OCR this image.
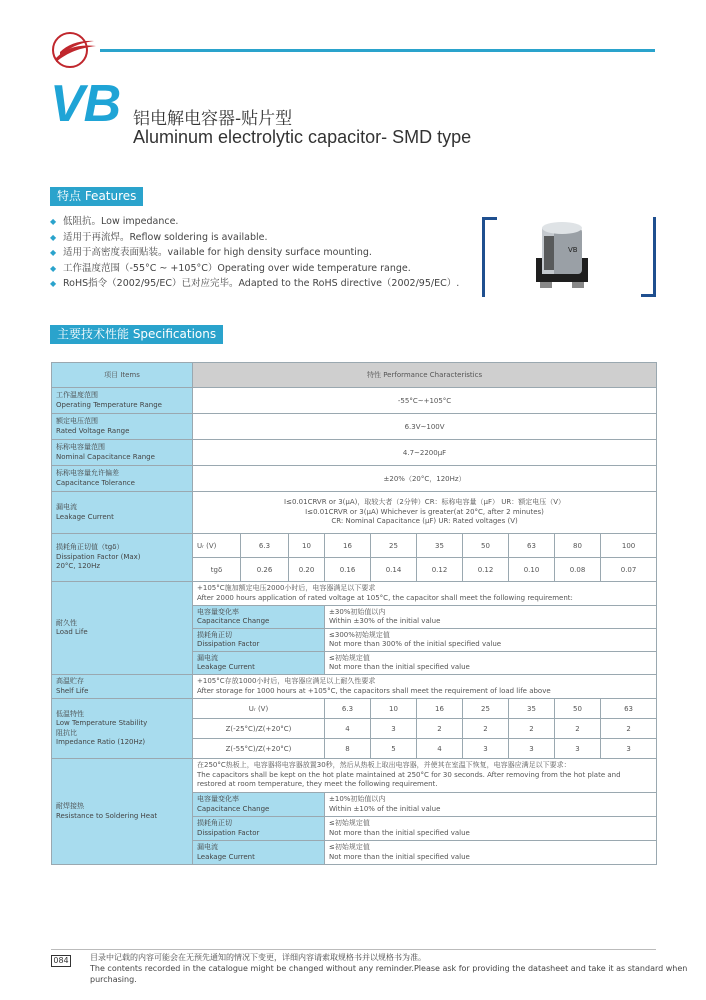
VB 铝电解电容器-贴片型
Aluminum electrolytic capacitor- SMD type
特点 Features
◆ 低阻抗。Low impedance.
◆ 适用于再流焊。Reflow soldering is available.
◆ 适用于高密度表面贴装。vailable for high density surface mounting.
◆ 工作温度范围（-55°C ~ +105°C）Operating over wide temperature range.
◆ RoHS指令（2002/95/EC）已对应完毕。Adapted to the RoHS directive（2002/95/EC）.
VB
主要技术性能 Specifications
项目 Items	特性 Performance Characteristics									

工作温度范围
Operating Temperature Range	-55°C~+105°C									

额定电压范围
Rated Voltage Range	6.3V~100V									

标称电容量范围
Nominal Capacitance Range	4.7~2200μF									

标称电容量允许偏差
Capacitance Tolerance	±20%（20°C，120Hz）									

漏电流
Leakage Current	I≤0.01CRVR or 3(μA)，取较大者（2分钟）CR：标称电容量（μF） UR：额定电压（V）
I≤0.01CRVR or 3(μA) Whichever is greater(at 20°C, after 2 minutes)
CR: Nominal Capacitance (μF) UR: Rated voltages (V)									

损耗角正切值（tgδ）
Dissipation Factor (Max)
20°C, 120Hz	Uᵣ (V)	6.3	10	16	25	35	50	63	80	100
	tgδ	0.26	0.20	0.16	0.14	0.12	0.12	0.10	0.08	0.07

耐久性
Load Life	+105°C施加额定电压2000小时后，电容器满足以下要求
After 2000 hours application of rated voltage at 105°C, the capacitor shall meet the following requirement:									

	电容量变化率
Capacitance Change			±30%初始值以内
Within ±30% of the initial value						

	损耗角正切
Dissipation Factor			≤300%初始规定值
Not more than 300% of the initial specified value						

	漏电流
Leakage Current			≤初始规定值
Not more than the initial specified value						

高温贮存
Shelf Life	+105°C存放1000小时后，电容器应满足以上耐久性要求
After storage for 1000 hours at +105°C, the capacitors shall meet the requirement of load life above									

低温特性
Low Temperature Stability
阻抗比
Impedance Ratio (120Hz)	Uᵣ (V)			6.3	10	16	25	35	50	63
	Z(-25°C)/Z(+20°C)			4	3	2	2	2	2	2
	Z(-55°C)/Z(+20°C)			8	5	4	3	3	3	3

耐焊接热
Resistance to Soldering Heat	在250°C热板上，电容器将电容器放置30秒，然后从热板上取出电容器，并使其在室温下恢复，电容器应满足以下要求：
The capacitors shall be kept on the hot plate maintained at 250°C for 30 seconds. After removing from the hot plate and
restored at room temperature, they meet the following requirement.									

	电容量变化率
Capacitance Change			±10%初始值以内
Within ±10% of the initial value						

	损耗角正切
Dissipation Factor			≤初始规定值
Not more than the initial specified value						

	漏电流
Leakage Current			≤初始规定值
Not more than the initial specified value						
084	目录中记载的内容可能会在无预先通知的情况下变更，详细内容请索取规格书并以规格书为准。
The contents recorded in the catalogue might be changed without any reminder.Please ask for providing the datasheet and take it as standard when purchasing.
